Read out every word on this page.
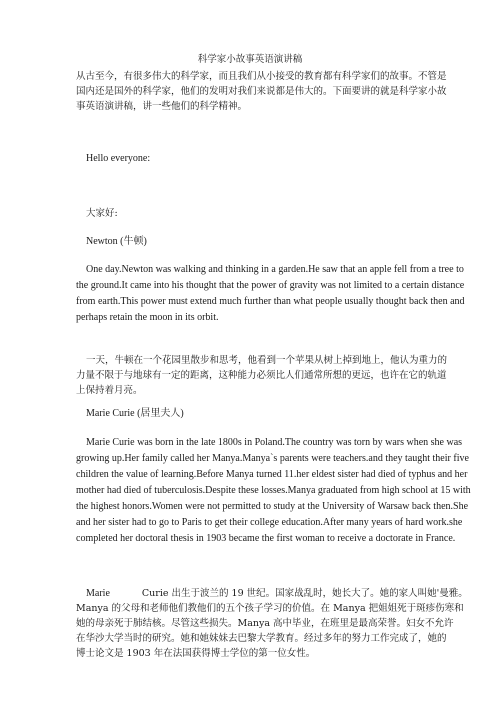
科学家小故事英语演讲稿
从古至今，有很多伟大的科学家，而且我们从小接受的教育都有科学家们的故事。不管是
国内还是国外的科学家，他们的发明对我们来说都是伟大的。下面要讲的就是科学家小故
事英语演讲稿，讲一些他们的科学精神。
Hello everyone:
大家好:
Newton (牛顿)
One day.Newton was walking and thinking in a garden.He saw that an apple fell from a tree to
the ground.It came into his thought that the power of gravity was not limited to a certain distance
from earth.This power must extend much further than what people usually thought back then and
perhaps retain the moon in its orbit.
一天，牛顿在一个花园里散步和思考，他看到一个苹果从树上掉到地上，他认为重力的
力量不限于与地球有一定的距离，这种能力必须比人们通常所想的更远，也许在它的轨道
上保持着月亮。
Marie Curie (居里夫人)
Marie Curie was born in the late 1800s in Poland.The country was torn by wars when she was
growing up.Her family called her Manya.Manya`s parents were teachers.and they taught their five
children the value of learning.Before Manya turned 11.her eldest sister had died of typhus and her
mother had died of tuberculosis.Despite these losses.Manya graduated from high school at 15 with
the highest honors.Women were not permitted to study at the University of Warsaw back then.She
and her sister had to go to Paris to get their college education.After many years of hard work.she
completed her doctoral thesis in 1903 became the first woman to receive a doctorate in France.
Marie	Curie 出生于波兰的 19 世纪。国家战乱时，她长大了。她的家人叫她'曼雅。
Manya 的父母和老师他们教他们的五个孩子学习的价值。在 Manya 把姐姐死于斑疹伤寒和
她的母亲死于肺结核。尽管这些损失。Manya 高中毕业，在班里是最高荣誉。妇女不允许
在华沙大学当时的研究。她和她妹妹去巴黎大学教育。经过多年的努力工作完成了，她的
博士论文是 1903 年在法国获得博士学位的第一位女性。
